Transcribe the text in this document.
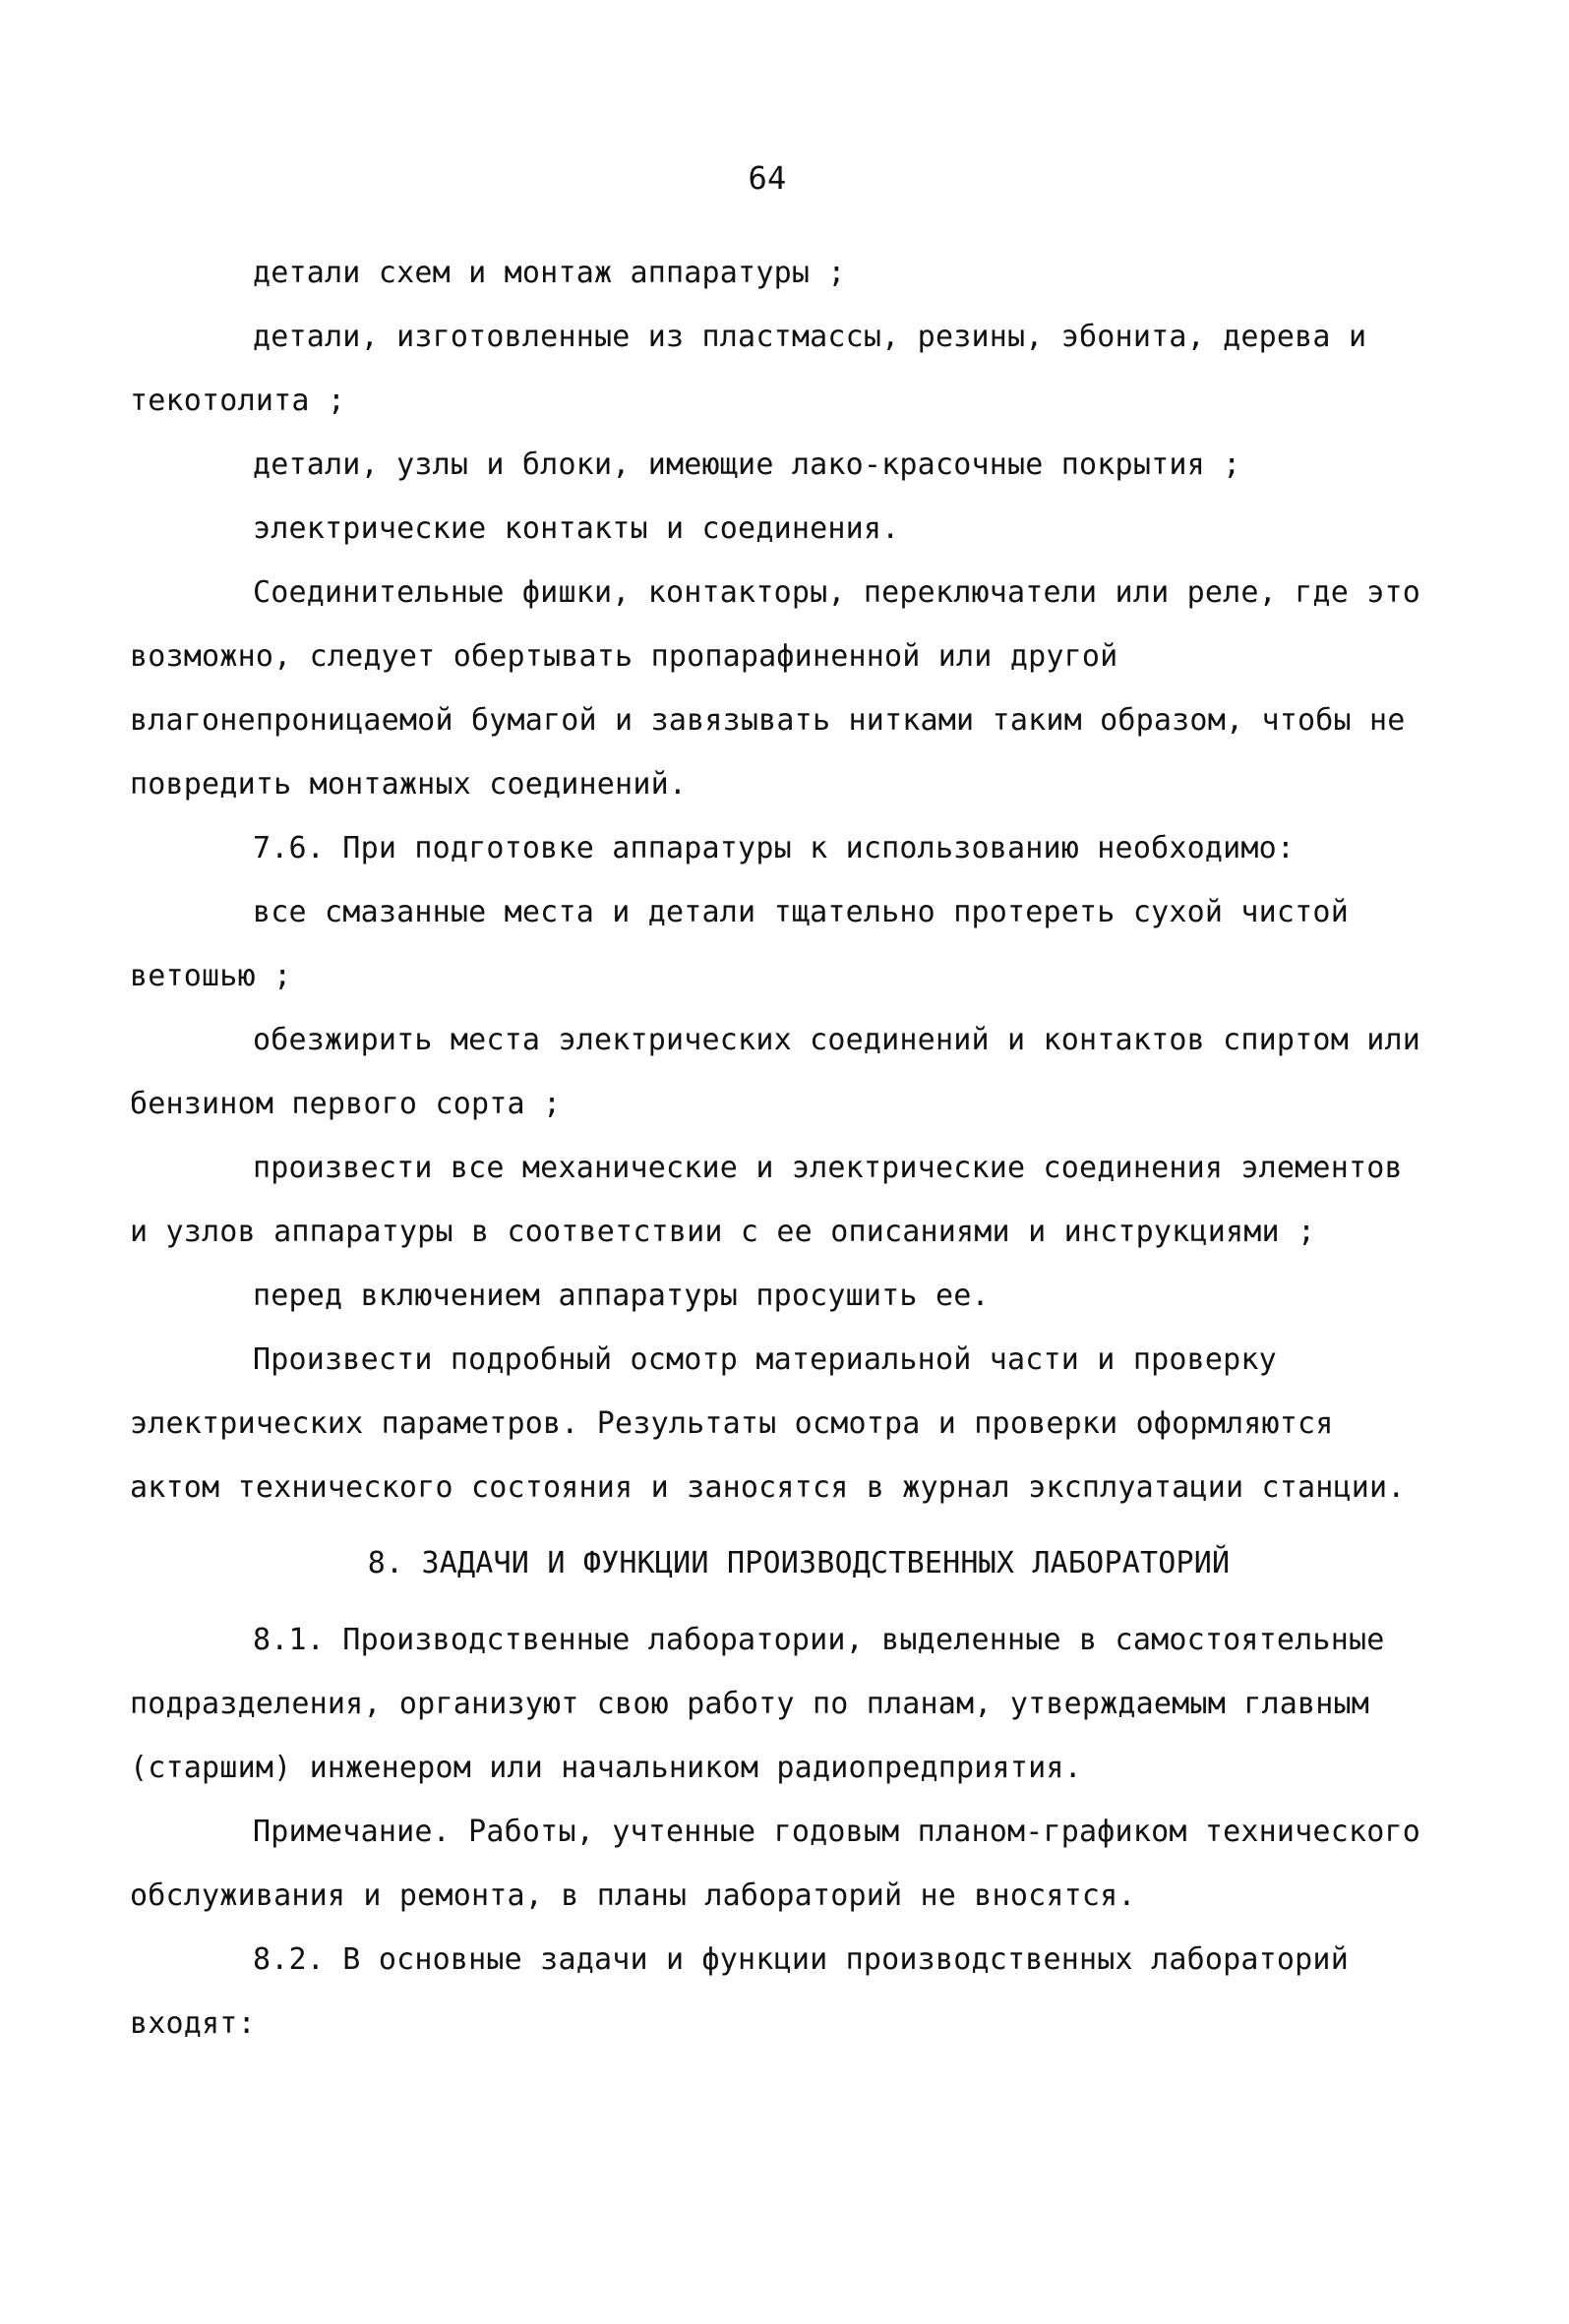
64

детали схем и монтаж аппаратуры ;

детали, изготовленные из пластмассы, резины, эбонита, дерева и текотолита ;

детали, узлы и блоки, имеющие лако-красочные покрытия ;

электрические контакты и соединения.

Соединительные фишки, контакторы, переключатели или реле, где это возможно, следует обертывать пропарафиненной или другой влагонепроницаемой бумагой и завязывать нитками таким образом, чтобы не повредить монтажных соединений.

7.6. При подготовке аппаратуры к использованию необходимо:

все смазанные места и детали тщательно протереть сухой чистой ветошью ;

обезжирить места электрических соединений и контактов спиртом или бензином первого сорта ;

произвести все механические и электрические соединения элементов и узлов аппаратуры в соответствии с ее описаниями и инструкциями ;

перед включением аппаратуры просушить ее.

Произвести подробный осмотр материальной части и проверку электрических параметров. Результаты осмотра и проверки оформляются актом технического состояния и заносятся в журнал эксплуатации станции.

8. ЗАДАЧИ И ФУНКЦИИ ПРОИЗВОДСТВЕННЫХ ЛАБОРАТОРИЙ

8.1. Производственные лаборатории, выделенные в самостоятельные подразделения, организуют свою работу по планам, утверждаемым главным (старшим) инженером или начальником радиопредприятия.

Примечание. Работы, учтенные годовым планом-графиком технического обслуживания и ремонта, в планы лабораторий не вносятся.

8.2. В основные задачи и функции производственных лабораторий входят:
